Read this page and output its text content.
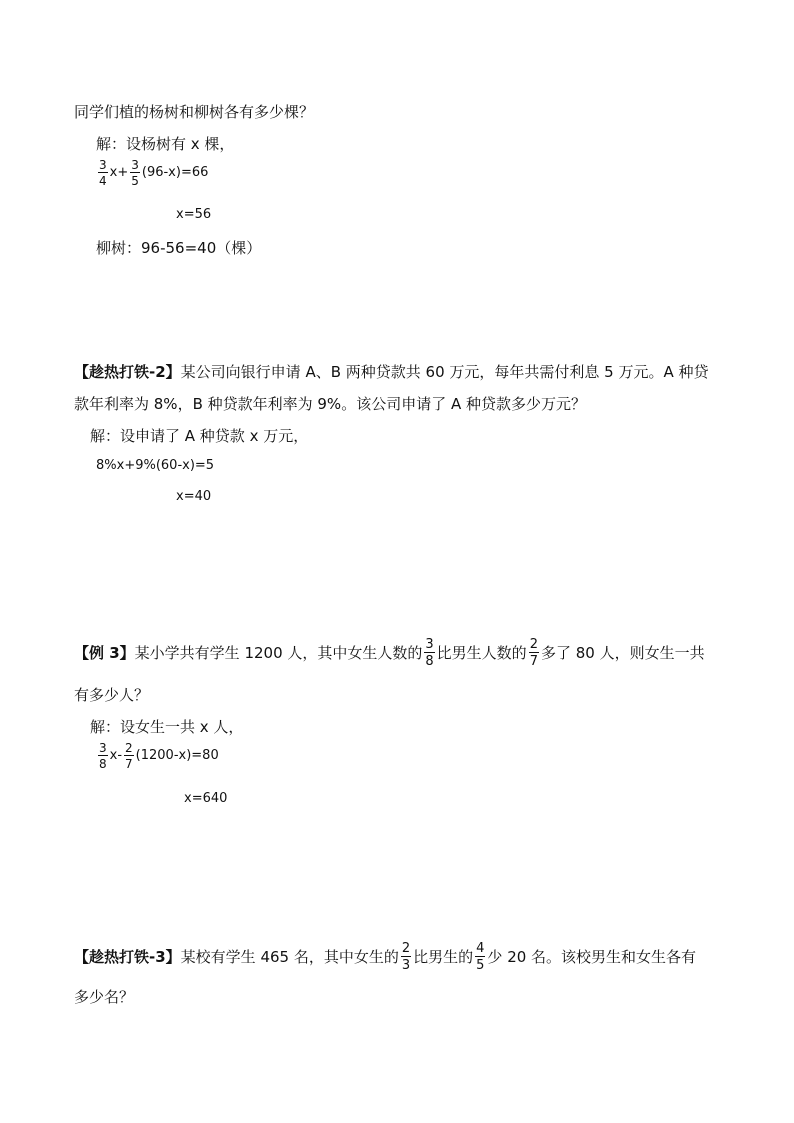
同学们植的杨树和柳树各有多少棵？
解：设杨树有 x 棵，
$\frac{3}{4} x+ \frac{3}{5} (96-x)=66$
x=56
柳树：96-56=40（棵）
【趁热打铁-2】某公司向银行申请 A、B 两种贷款共 60 万元，每年共需付利息 5 万元。A 种贷
款年利率为 8%，B 种贷款年利率为 9%。该公司申请了 A 种贷款多少万元？
解：设申请了 A 种贷款 x 万元，
8%x+9%(60-x)=5
x=40
【例 3】 某小学共有学生 1200 人，其中女生人数的 $\frac{3}{8}$ 比男生人数的 $\frac{2}{7}$ 多了 80 人，则女生一共
有多少人？
解：设女生一共 x 人，
$\frac{3}{8} x- \frac{2}{7} (1200-x)=80$
x=640
【趁热打铁-3】 某校有学生 465 名，其中女生的 $\frac{2}{3}$ 比男生的 $\frac{4}{5}$ 少 20 名。该校男生和女生各有
多少名？
